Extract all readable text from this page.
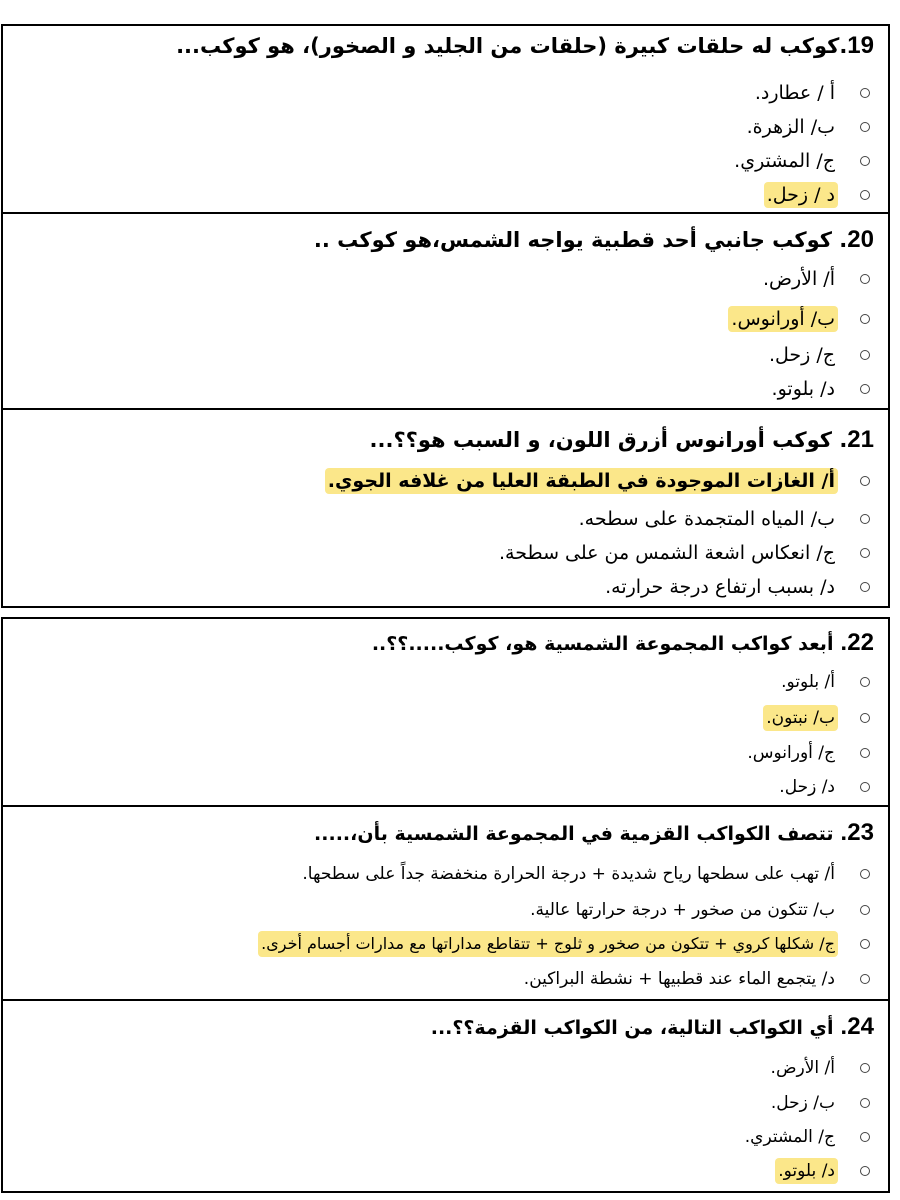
19.كوكب له حلقات كبيرة (حلقات من الجليد و الصخور)، هو كوكب...
أ / عطارد.
ب/ الزهرة.
ج/ المشتري.
د / زحل.
20. كوكب جانبي أحد قطبية يواجه الشمس،هو كوكب ..
أ/ الأرض.
ب/ أورانوس.
ج/ زحل.
د/ بلوتو.
21. كوكب أورانوس أزرق اللون، و السبب هو؟؟...
أ/ الغازات الموجودة في الطبقة العليا من غلافه الجوي.
ب/ المياه المتجمدة على سطحه.
ج/ انعكاس اشعة الشمس من على سطحة.
د/ بسبب ارتفاع درجة حرارته.
22. أبعد كواكب المجموعة الشمسية هو، كوكب.....؟؟..
أ/ بلوتو.
ب/ نبتون.
ج/ أورانوس.
د/ زحل.
23. تتصف الكواكب القزمية في المجموعة الشمسية بأن،.....
أ/ تهب على سطحها رياح شديدة + درجة الحرارة منخفضة جداً على سطحها.
ب/ تتكون من صخور + درجة حرارتها عالية.
ج/ شكلها كروي + تتكون من صخور و ثلوج + تتقاطع مداراتها مع مدارات أجسام أخرى.
د/ يتجمع الماء عند قطبيها + نشطة البراكين.
24. أي الكواكب التالية، من الكواكب القزمة؟؟...
أ/ الأرض.
ب/ زحل.
ج/ المشتري.
د/ بلوتو.
